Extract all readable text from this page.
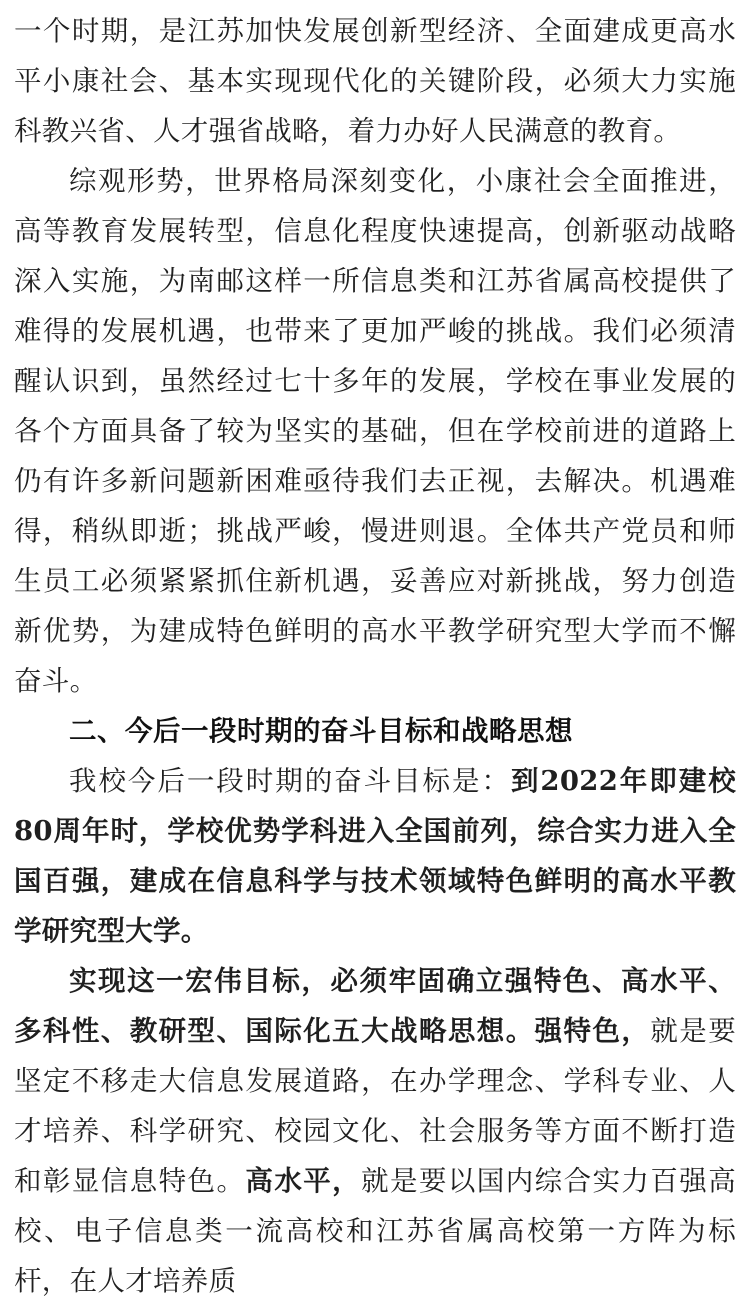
一个时期，是江苏加快发展创新型经济、全面建成更高水平小康社会、基本实现现代化的关键阶段，必须大力实施科教兴省、人才强省战略，着力办好人民满意的教育。

综观形势，世界格局深刻变化，小康社会全面推进，高等教育发展转型，信息化程度快速提高，创新驱动战略深入实施，为南邮这样一所信息类和江苏省属高校提供了难得的发展机遇，也带来了更加严峻的挑战。我们必须清醒认识到，虽然经过七十多年的发展，学校在事业发展的各个方面具备了较为坚实的基础，但在学校前进的道路上仍有许多新问题新困难亟待我们去正视，去解决。机遇难得，稍纵即逝；挑战严峻，慢进则退。全体共产党员和师生员工必须紧紧抓住新机遇，妥善应对新挑战，努力创造新优势，为建成特色鲜明的高水平教学研究型大学而不懈奋斗。

二、今后一段时期的奋斗目标和战略思想

我校今后一段时期的奋斗目标是：到2022年即建校80周年时，学校优势学科进入全国前列，综合实力进入全国百强，建成在信息科学与技术领域特色鲜明的高水平教学研究型大学。

实现这一宏伟目标，必须牢固确立强特色、高水平、多科性、教研型、国际化五大战略思想。强特色，就是要坚定不移走大信息发展道路，在办学理念、学科专业、人才培养、科学研究、校园文化、社会服务等方面不断打造和彰显信息特色。高水平，就是要以国内综合实力百强高校、电子信息类一流高校和江苏省属高校第一方阵为标杆，在人才培养质
